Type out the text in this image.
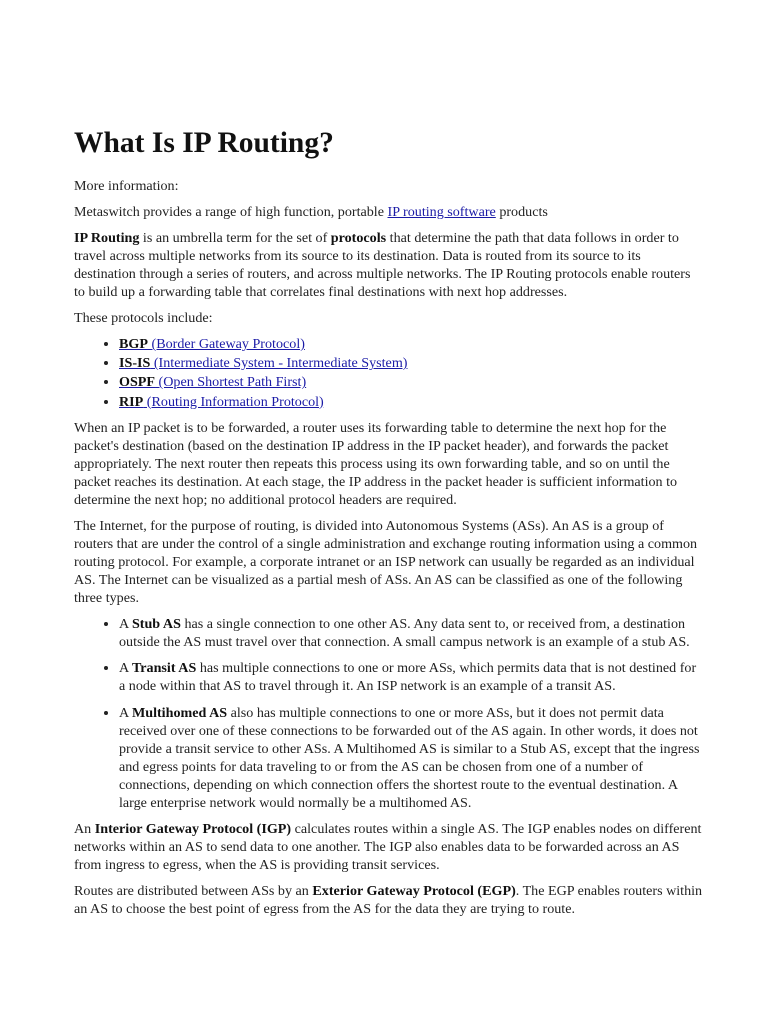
What Is IP Routing?

More information:

Metaswitch provides a range of high function, portable IP routing software products

IP Routing is an umbrella term for the set of protocols that determine the path that data follows in order to travel across multiple networks from its source to its destination. Data is routed from its source to its destination through a series of routers, and across multiple networks. The IP Routing protocols enable routers to build up a forwarding table that correlates final destinations with next hop addresses.

These protocols include:

• BGP (Border Gateway Protocol)
• IS-IS (Intermediate System - Intermediate System)
• OSPF (Open Shortest Path First)
• RIP (Routing Information Protocol)

When an IP packet is to be forwarded, a router uses its forwarding table to determine the next hop for the packet's destination (based on the destination IP address in the IP packet header), and forwards the packet appropriately. The next router then repeats this process using its own forwarding table, and so on until the packet reaches its destination. At each stage, the IP address in the packet header is sufficient information to determine the next hop; no additional protocol headers are required.

The Internet, for the purpose of routing, is divided into Autonomous Systems (ASs). An AS is a group of routers that are under the control of a single administration and exchange routing information using a common routing protocol. For example, a corporate intranet or an ISP network can usually be regarded as an individual AS. The Internet can be visualized as a partial mesh of ASs. An AS can be classified as one of the following three types.

• A Stub AS has a single connection to one other AS. Any data sent to, or received from, a destination outside the AS must travel over that connection. A small campus network is an example of a stub AS.
• A Transit AS has multiple connections to one or more ASs, which permits data that is not destined for a node within that AS to travel through it. An ISP network is an example of a transit AS.
• A Multihomed AS also has multiple connections to one or more ASs, but it does not permit data received over one of these connections to be forwarded out of the AS again. In other words, it does not provide a transit service to other ASs. A Multihomed AS is similar to a Stub AS, except that the ingress and egress points for data traveling to or from the AS can be chosen from one of a number of connections, depending on which connection offers the shortest route to the eventual destination. A large enterprise network would normally be a multihomed AS.

An Interior Gateway Protocol (IGP) calculates routes within a single AS. The IGP enables nodes on different networks within an AS to send data to one another. The IGP also enables data to be forwarded across an AS from ingress to egress, when the AS is providing transit services.

Routes are distributed between ASs by an Exterior Gateway Protocol (EGP). The EGP enables routers within an AS to choose the best point of egress from the AS for the data they are trying to route.
